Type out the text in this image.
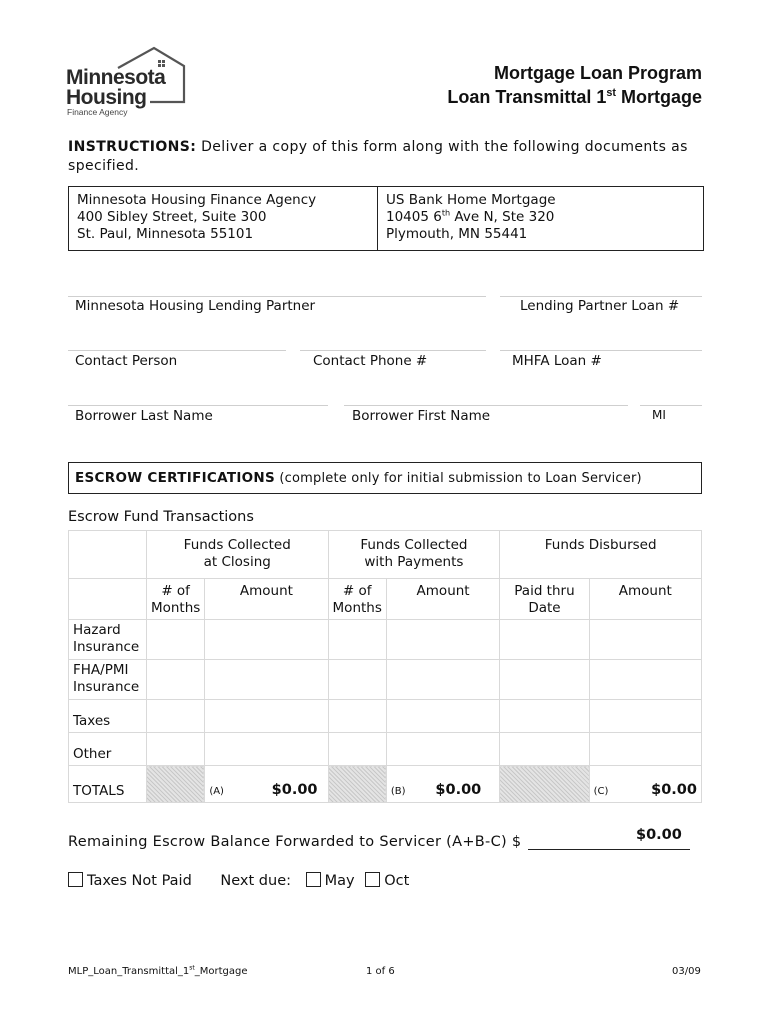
Minnesota
Housing
Finance Agency
Mortgage Loan Program
Loan Transmittal 1st Mortgage
INSTRUCTIONS: Deliver a copy of this form along with the following documents as specified.
Minnesota Housing Finance Agency
400 Sibley Street, Suite 300
St. Paul, Minnesota 55101
US Bank Home Mortgage
10405 6th Ave N, Ste 320
Plymouth, MN 55441
Minnesota Housing Lending Partner	Lending Partner Loan #
Contact Person	Contact Phone #	MHFA Loan #
Borrower Last Name	Borrower First Name	MI
ESCROW CERTIFICATIONS (complete only for initial submission to Loan Servicer)
Escrow Fund Transactions
	Funds Collected at Closing		Funds Collected with Payments		Funds Disbursed	
	# of Months	Amount	# of Months	Amount	Paid thru Date	Amount
Hazard Insurance						
FHA/PMI Insurance						
Taxes						
Other						
TOTALS		(A) $0.00		(B) $0.00		(C) $0.00
Remaining Escrow Balance Forwarded to Servicer (A+B-C) $	$0.00
Taxes Not Paid Next due: May Oct
MLP_Loan_Transmittal_1st_Mortgage	1 of 6	03/09
